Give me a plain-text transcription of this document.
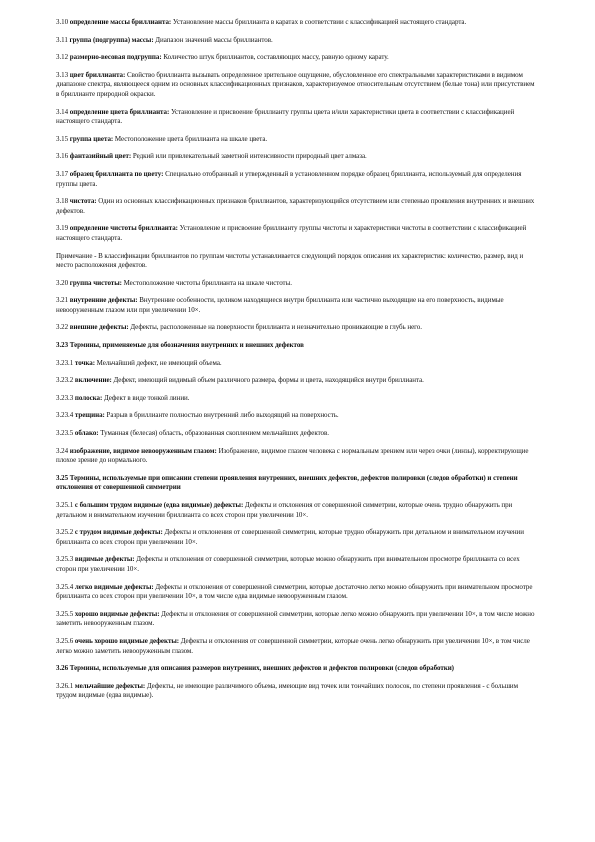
3.10 определение массы бриллианта: Установление массы бриллианта в каратах в соответствии с классификацией настоящего стандарта.

3.11 группа (подгруппа) массы: Диапазон значений массы бриллиантов.

3.12 размерно-весовая подгруппа: Количество штук бриллиантов, составляющих массу, равную одному карату.

3.13 цвет бриллианта: Свойство бриллианта вызывать определенное зрительное ощущение, обусловленное его спектральными характеристиками в видимом диапазоне спектра, являющееся одним из основных классификационных признаков, характеризуемое относительным отсутствием (белые тона) или присутствием в бриллианте природной окраски.

3.14 определение цвета бриллианта: Установление и присвоение бриллианту группы цвета и/или характеристики цвета в соответствии с классификацией настоящего стандарта.

3.15 группа цвета: Местоположение цвета бриллианта на шкале цвета.

3.16 фантазийный цвет: Редкий или привлекательный заметной интенсивности природный цвет алмаза.

3.17 образец бриллианта по цвету: Специально отобранный и утвержденный в установленном порядке образец бриллианта, используемый для определения группы цвета.

3.18 чистота: Один из основных классификационных признаков бриллиантов, характеризующийся отсутствием или степенью проявления внутренних и внешних дефектов.

3.19 определение чистоты бриллианта: Установление и присвоение бриллианту группы чистоты и характеристики чистоты в соответствии с классификацией настоящего стандарта.

Примечание - В классификации бриллиантов по группам чистоты устанавливается следующий порядок описания их характеристик: количество, размер, вид и место расположения дефектов.

3.20 группа чистоты: Местоположение чистоты бриллианта на шкале чистоты.

3.21 внутренние дефекты: Внутренние особенности, целиком находящиеся внутри бриллианта или частично выходящие на его поверхность, видимые невооруженным глазом или при увеличении 10×.

3.22 внешние дефекты: Дефекты, расположенные на поверхности бриллианта и незначительно проникающие в глубь него.

3.23 Термины, применяемые для обозначения внутренних и внешних дефектов

3.23.1 точка: Мельчайший дефект, не имеющий объема.

3.23.2 включение: Дефект, имеющий видимый объем различного размера, формы и цвета, находящийся внутри бриллианта.

3.23.3 полоска: Дефект в виде тонкой линии.

3.23.4 трещина: Разрыв в бриллианте полностью внутренний либо выходящий на поверхность.

3.23.5 облако: Туманная (белесая) область, образованная скоплением мельчайших дефектов.

3.24 изображение, видимое невооруженным глазом: Изображение, видимое глазом человека с нормальным зрением или через очки (линзы), корректирующие плохое зрение до нормального.

3.25 Термины, используемые при описании степени проявления внутренних, внешних дефектов, дефектов полировки (следов обработки) и степени отклонения от совершенной симметрии

3.25.1 с большим трудом видимые (едва видимые) дефекты: Дефекты и отклонения от совершенной симметрии, которые очень трудно обнаружить при детальном и внимательном изучении бриллианта со всех сторон при увеличении 10×.

3.25.2 с трудом видимые дефекты: Дефекты и отклонения от совершенной симметрии, которые трудно обнаружить при детальном и внимательном изучении бриллианта со всех сторон при увеличении 10×.

3.25.3 видимые дефекты: Дефекты и отклонения от совершенной симметрии, которые можно обнаружить при внимательном просмотре бриллианта со всех сторон при увеличении 10×.

3.25.4 легко видимые дефекты: Дефекты и отклонения от совершенной симметрии, которые достаточно легко можно обнаружить при внимательном просмотре бриллианта со всех сторон при увеличении 10×, в том числе едва видимые невооруженным глазом.

3.25.5 хорошо видимые дефекты: Дефекты и отклонения от совершенной симметрии, которые легко можно обнаружить при увеличении 10×, в том числе можно заметить невооруженным глазом.

3.25.6 очень хорошо видимые дефекты: Дефекты и отклонения от совершенной симметрии, которые очень легко обнаружить при увеличении 10×, в том числе легко можно заметить невооруженным глазом.

3.26 Термины, используемые для описания размеров внутренних, внешних дефектов и дефектов полировки (следов обработки)

3.26.1 мельчайшие дефекты: Дефекты, не имеющие различимого объема, имеющие вид точек или тончайших полосок, по степени проявления - с большим трудом видимые (едва видимые).
